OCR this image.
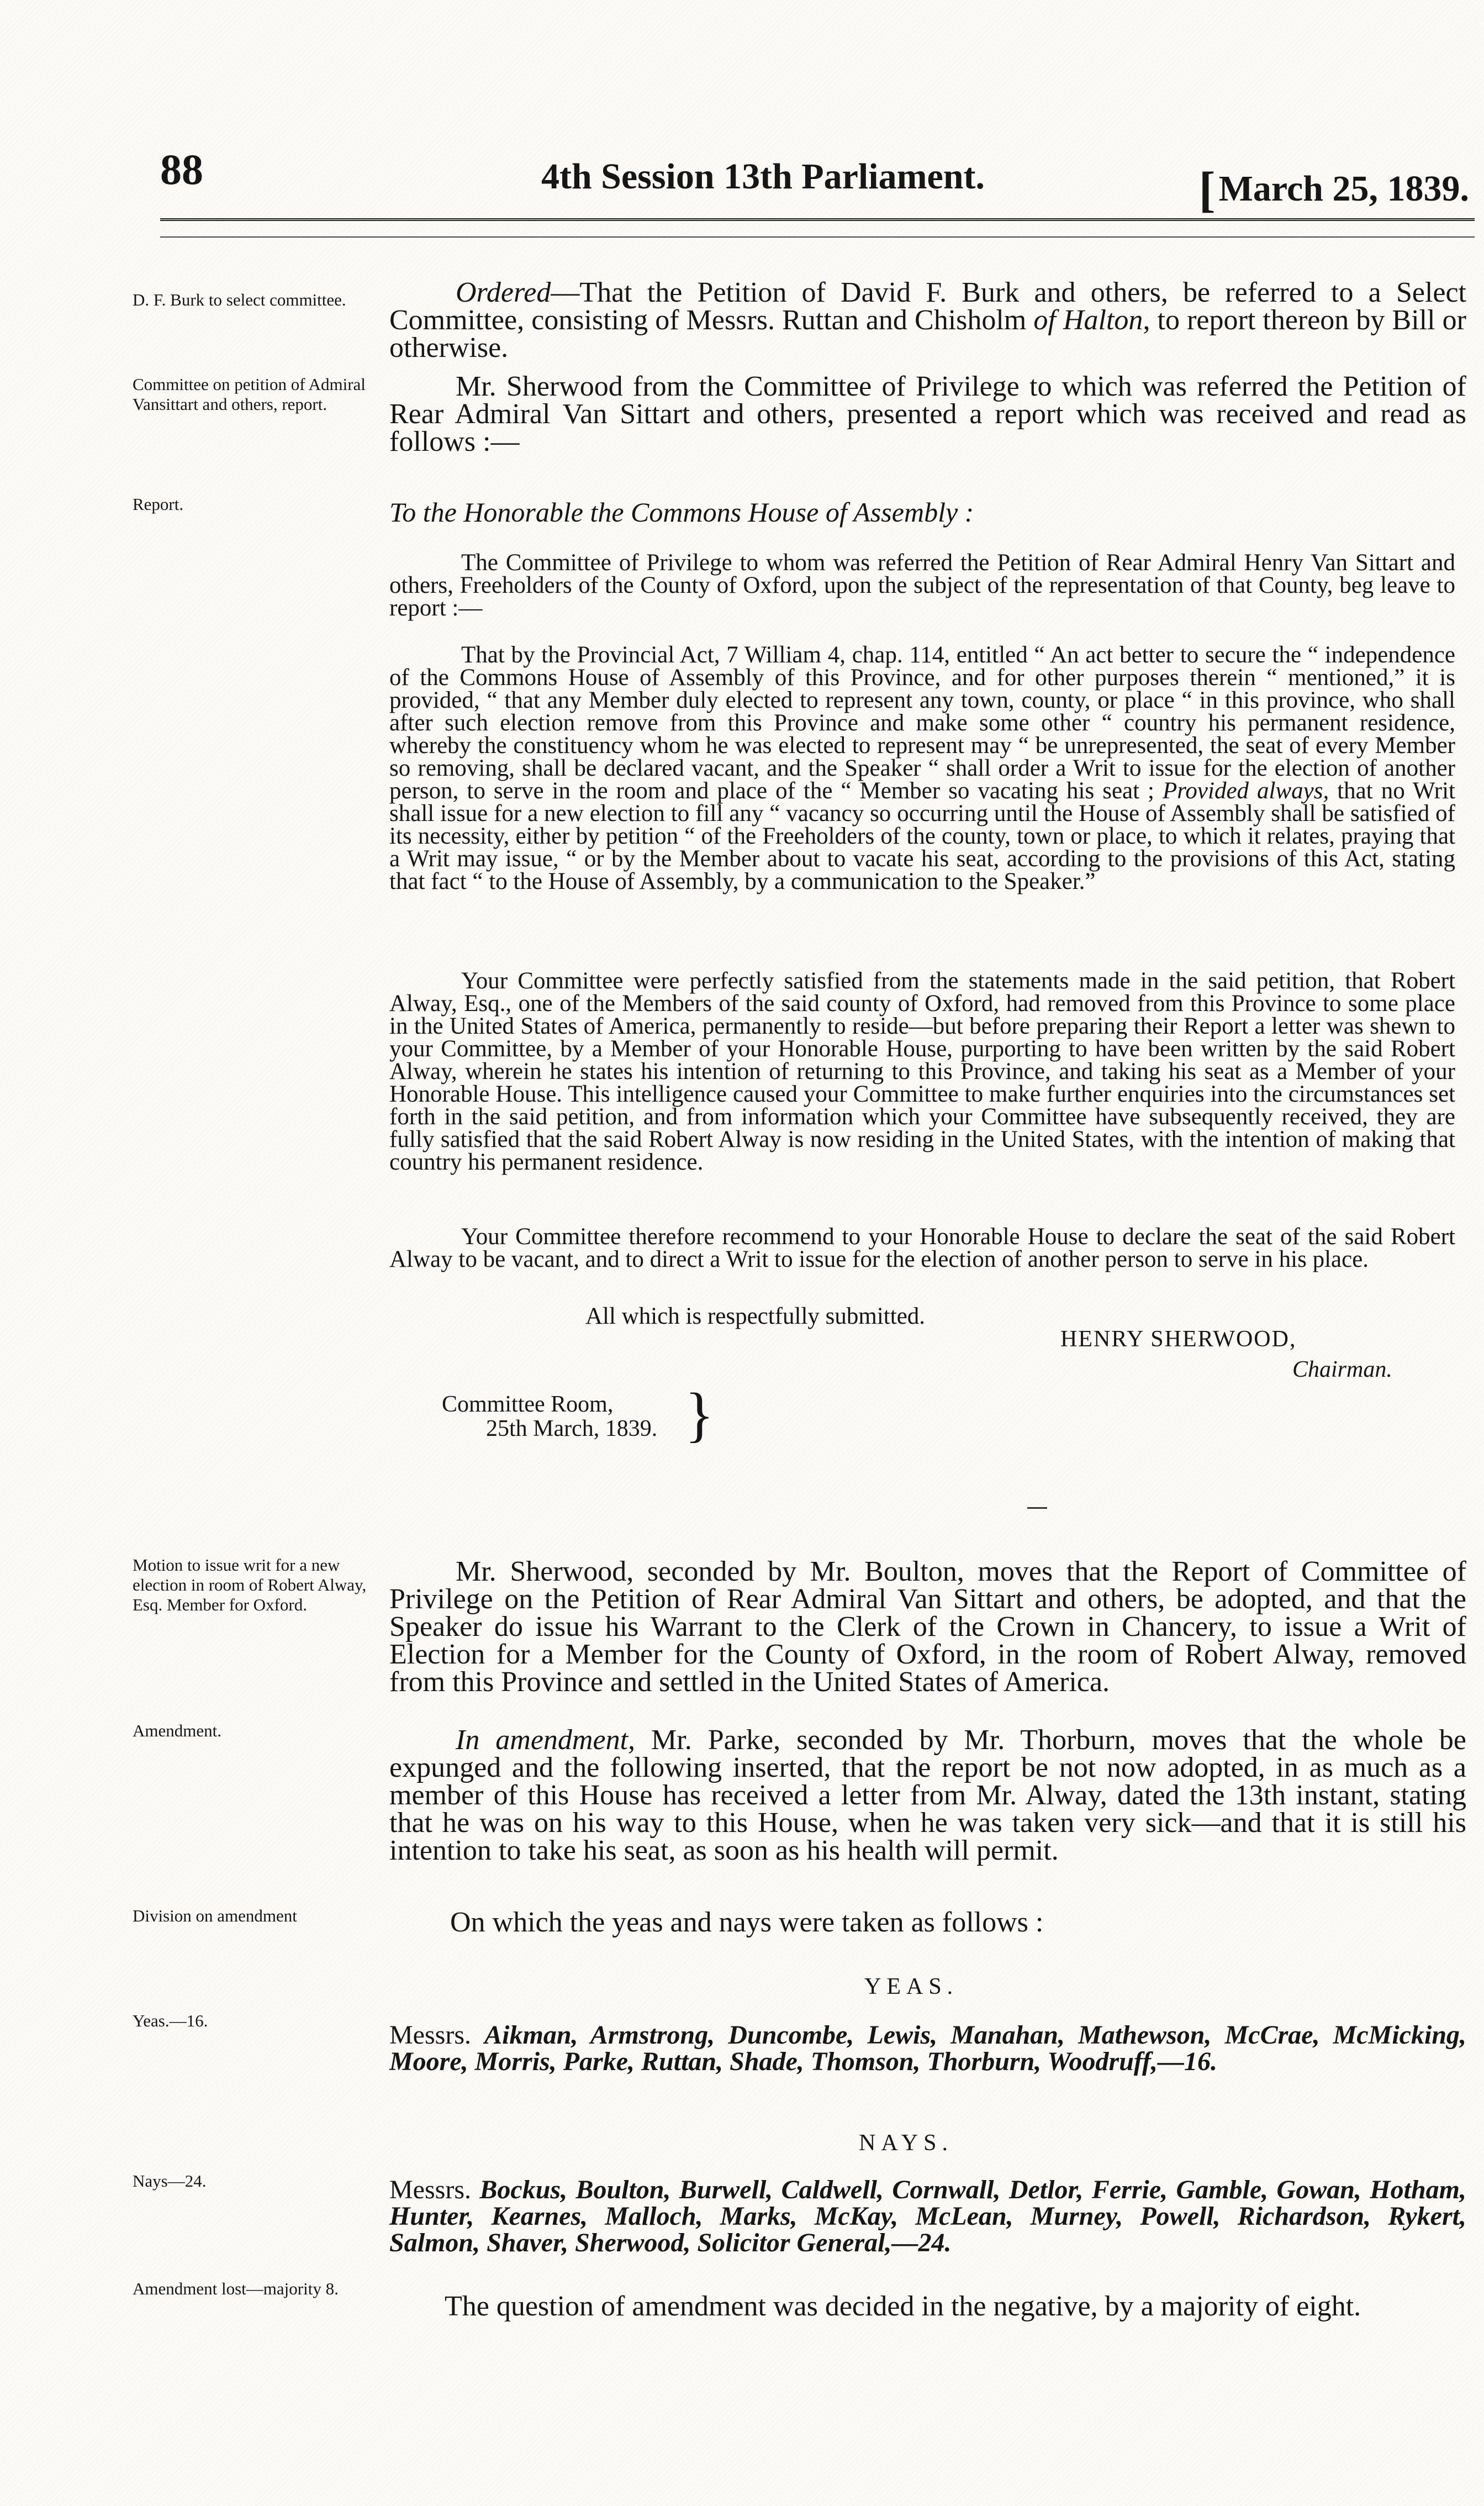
88	4th Session 13th Parliament.	[March 25, 1839.
D. F. Burk to select committee.
Committee on petition of Admiral Vansittart and others, report.
Report.
Motion to issue writ for a new election in room of Robert Alway, Esq. Member for Oxford.
Amendment.
Division on amendment
Yeas.—16.
Nays—24.
Amendment lost—majority 8.
Ordered—That the Petition of David F. Burk and others, be referred to a Select Committee, consisting of Messrs. Ruttan and Chisholm of Halton, to report thereon by Bill or otherwise.
Mr. Sherwood from the Committee of Privilege to which was referred the Petition of Rear Admiral Van Sittart and others, presented a report which was received and read as follows :—
To the Honorable the Commons House of Assembly :
The Committee of Privilege to whom was referred the Petition of Rear Admiral Henry Van Sittart and others, Freeholders of the County of Oxford, upon the subject of the representation of that County, beg leave to report :—
That by the Provincial Act, 7 William 4, chap. 114, entitled “ An act better to secure the “ independence of the Commons House of Assembly of this Province, and for other purposes therein “ mentioned,” it is provided, “ that any Member duly elected to represent any town, county, or place “ in this province, who shall after such election remove from this Province and make some other “ country his permanent residence, whereby the constituency whom he was elected to represent may “ be unrepresented, the seat of every Member so removing, shall be declared vacant, and the Speaker “ shall order a Writ to issue for the election of another person, to serve in the room and place of the “ Member so vacating his seat ; Provided always, that no Writ shall issue for a new election to fill any “ vacancy so occurring until the House of Assembly shall be satisfied of its necessity, either by petition “ of the Freeholders of the county, town or place, to which it relates, praying that a Writ may issue, “ or by the Member about to vacate his seat, according to the provisions of this Act, stating that fact “ to the House of Assembly, by a communication to the Speaker.”
Your Committee were perfectly satisfied from the statements made in the said petition, that Robert Alway, Esq., one of the Members of the said county of Oxford, had removed from this Province to some place in the United States of America, permanently to reside—but before preparing their Report a letter was shewn to your Committee, by a Member of your Honorable House, purporting to have been written by the said Robert Alway, wherein he states his intention of returning to this Province, and taking his seat as a Member of your Honorable House. This intelligence caused your Committee to make further enquiries into the circumstances set forth in the said petition, and from information which your Committee have subsequently received, they are fully satisfied that the said Robert Alway is now residing in the United States, with the intention of making that country his permanent residence.
Your Committee therefore recommend to your Honorable House to declare the seat of the said Robert Alway to be vacant, and to direct a Writ to issue for the election of another person to serve in his place.
All which is respectfully submitted.
HENRY SHERWOOD,
Chairman.
Committee Room,
25th March, 1839. }
Mr. Sherwood, seconded by Mr. Boulton, moves that the Report of Committee of Privilege on the Petition of Rear Admiral Van Sittart and others, be adopted, and that the Speaker do issue his Warrant to the Clerk of the Crown in Chancery, to issue a Writ of Election for a Member for the County of Oxford, in the room of Robert Alway, removed from this Province and settled in the United States of America.
In amendment, Mr. Parke, seconded by Mr. Thorburn, moves that the whole be expunged and the following inserted, that the report be not now adopted, in as much as a member of this House has received a letter from Mr. Alway, dated the 13th instant, stating that he was on his way to this House, when he was taken very sick—and that it is still his intention to take his seat, as soon as his health will permit.
On which the yeas and nays were taken as follows :
YEAS.
Messrs. Aikman, Armstrong, Duncombe, Lewis, Manahan, Mathewson, McCrae, McMicking, Moore, Morris, Parke, Ruttan, Shade, Thomson, Thorburn, Woodruff,—16.
NAYS.
Messrs. Bockus, Boulton, Burwell, Caldwell, Cornwall, Detlor, Ferrie, Gamble, Gowan, Hotham, Hunter, Kearnes, Malloch, Marks, McKay, McLean, Murney, Powell, Richardson, Rykert, Salmon, Shaver, Sherwood, Solicitor General,—24.
The question of amendment was decided in the negative, by a majority of eight.
